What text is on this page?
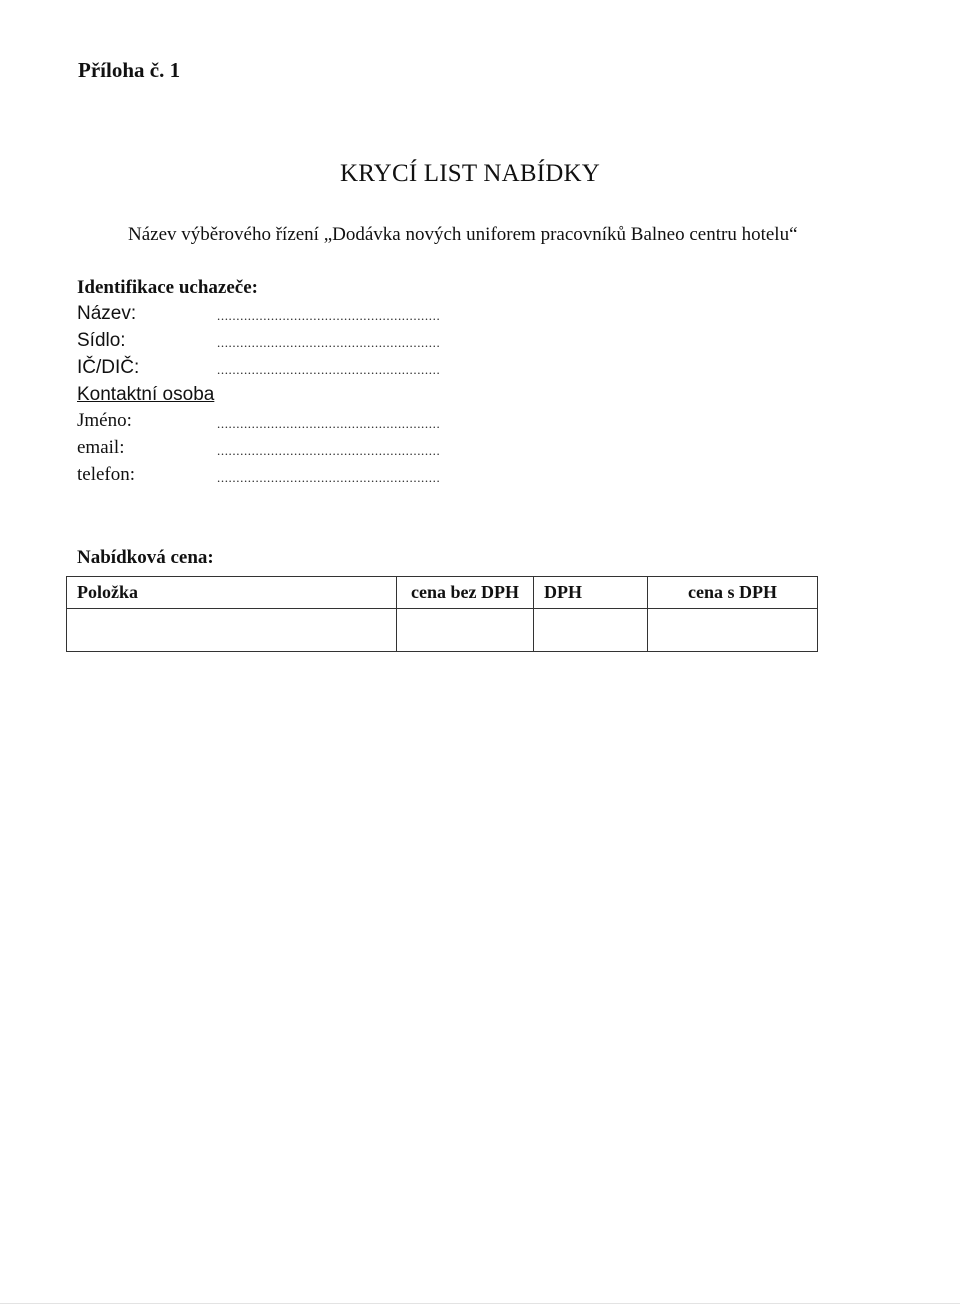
Příloha č. 1

KRYCÍ LIST NABÍDKY

Název výběrového řízení „Dodávka nových uniforem pracovníků Balneo centru hotelu“

Identifikace uchazeče:
Název:	..........................................................
Sídlo:	..........................................................
IČ/DIČ:	..........................................................

Kontaktní osoba

Jméno:	..........................................................
email:	..........................................................
telefon:	..........................................................
Nabídková cena:
Položka	cena bez DPH	DPH	cena s DPH
